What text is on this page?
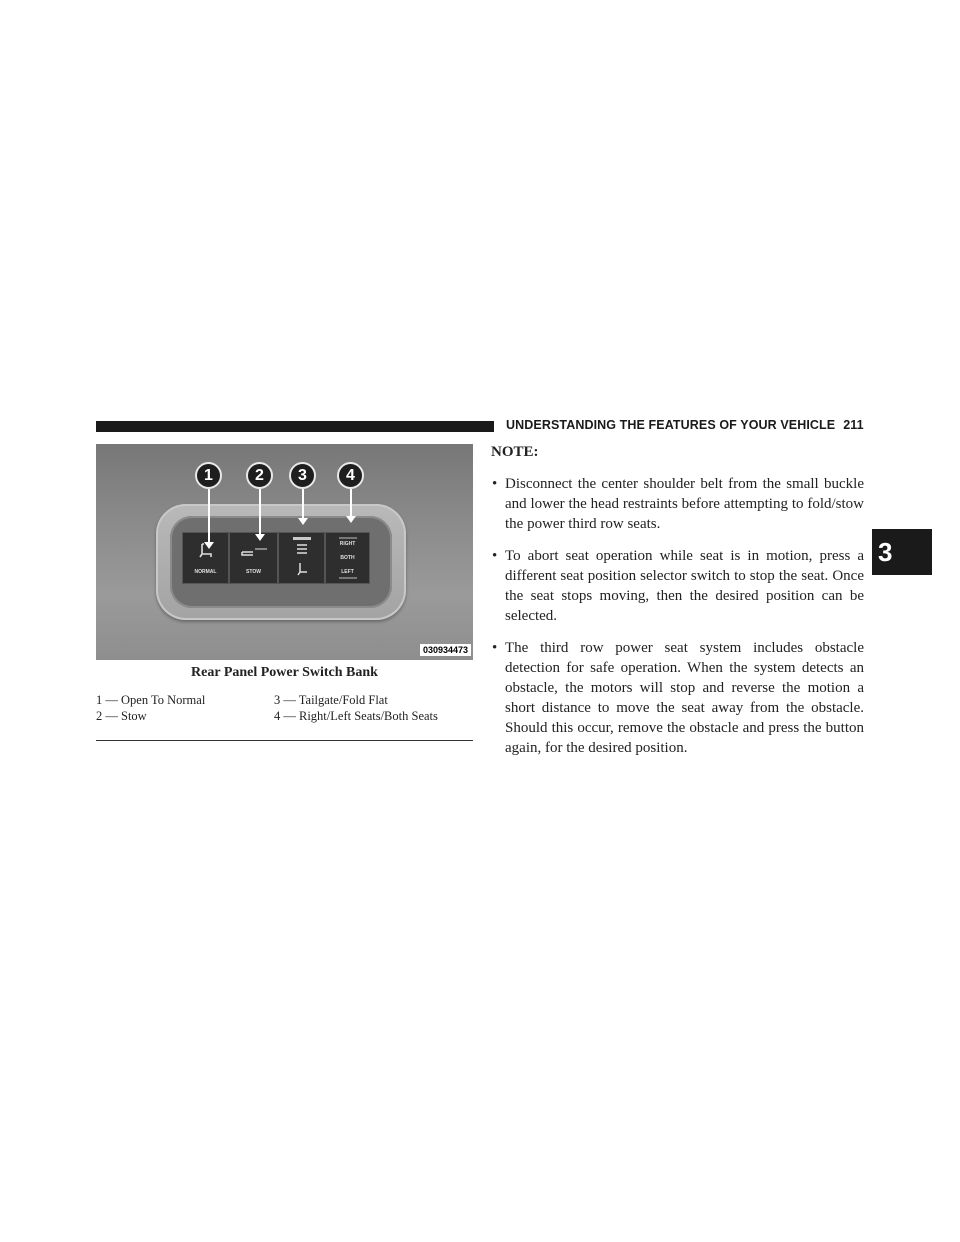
UNDERSTANDING THE FEATURES OF YOUR VEHICLE 211
3
NORMAL	STOW
RIGHT
BOTH
LEFT
1	2	3	4
030934473
Rear Panel Power Switch Bank
1 — Open To Normal
2 — Stow
3 — Tailgate/Fold Flat
4 — Right/Left Seats/Both Seats
NOTE:
• Disconnect the center shoulder belt from the small buckle and lower the head restraints before attempting to fold/stow the power third row seats.
• To abort seat operation while seat is in motion, press a different seat position selector switch to stop the seat. Once the seat stops moving, then the desired position can be selected.
• The third row power seat system includes obstacle detection for safe operation. When the system detects an obstacle, the motors will stop and reverse the motion a short distance to move the seat away from the obstacle. Should this occur, remove the obstacle and press the button again, for the desired position.
